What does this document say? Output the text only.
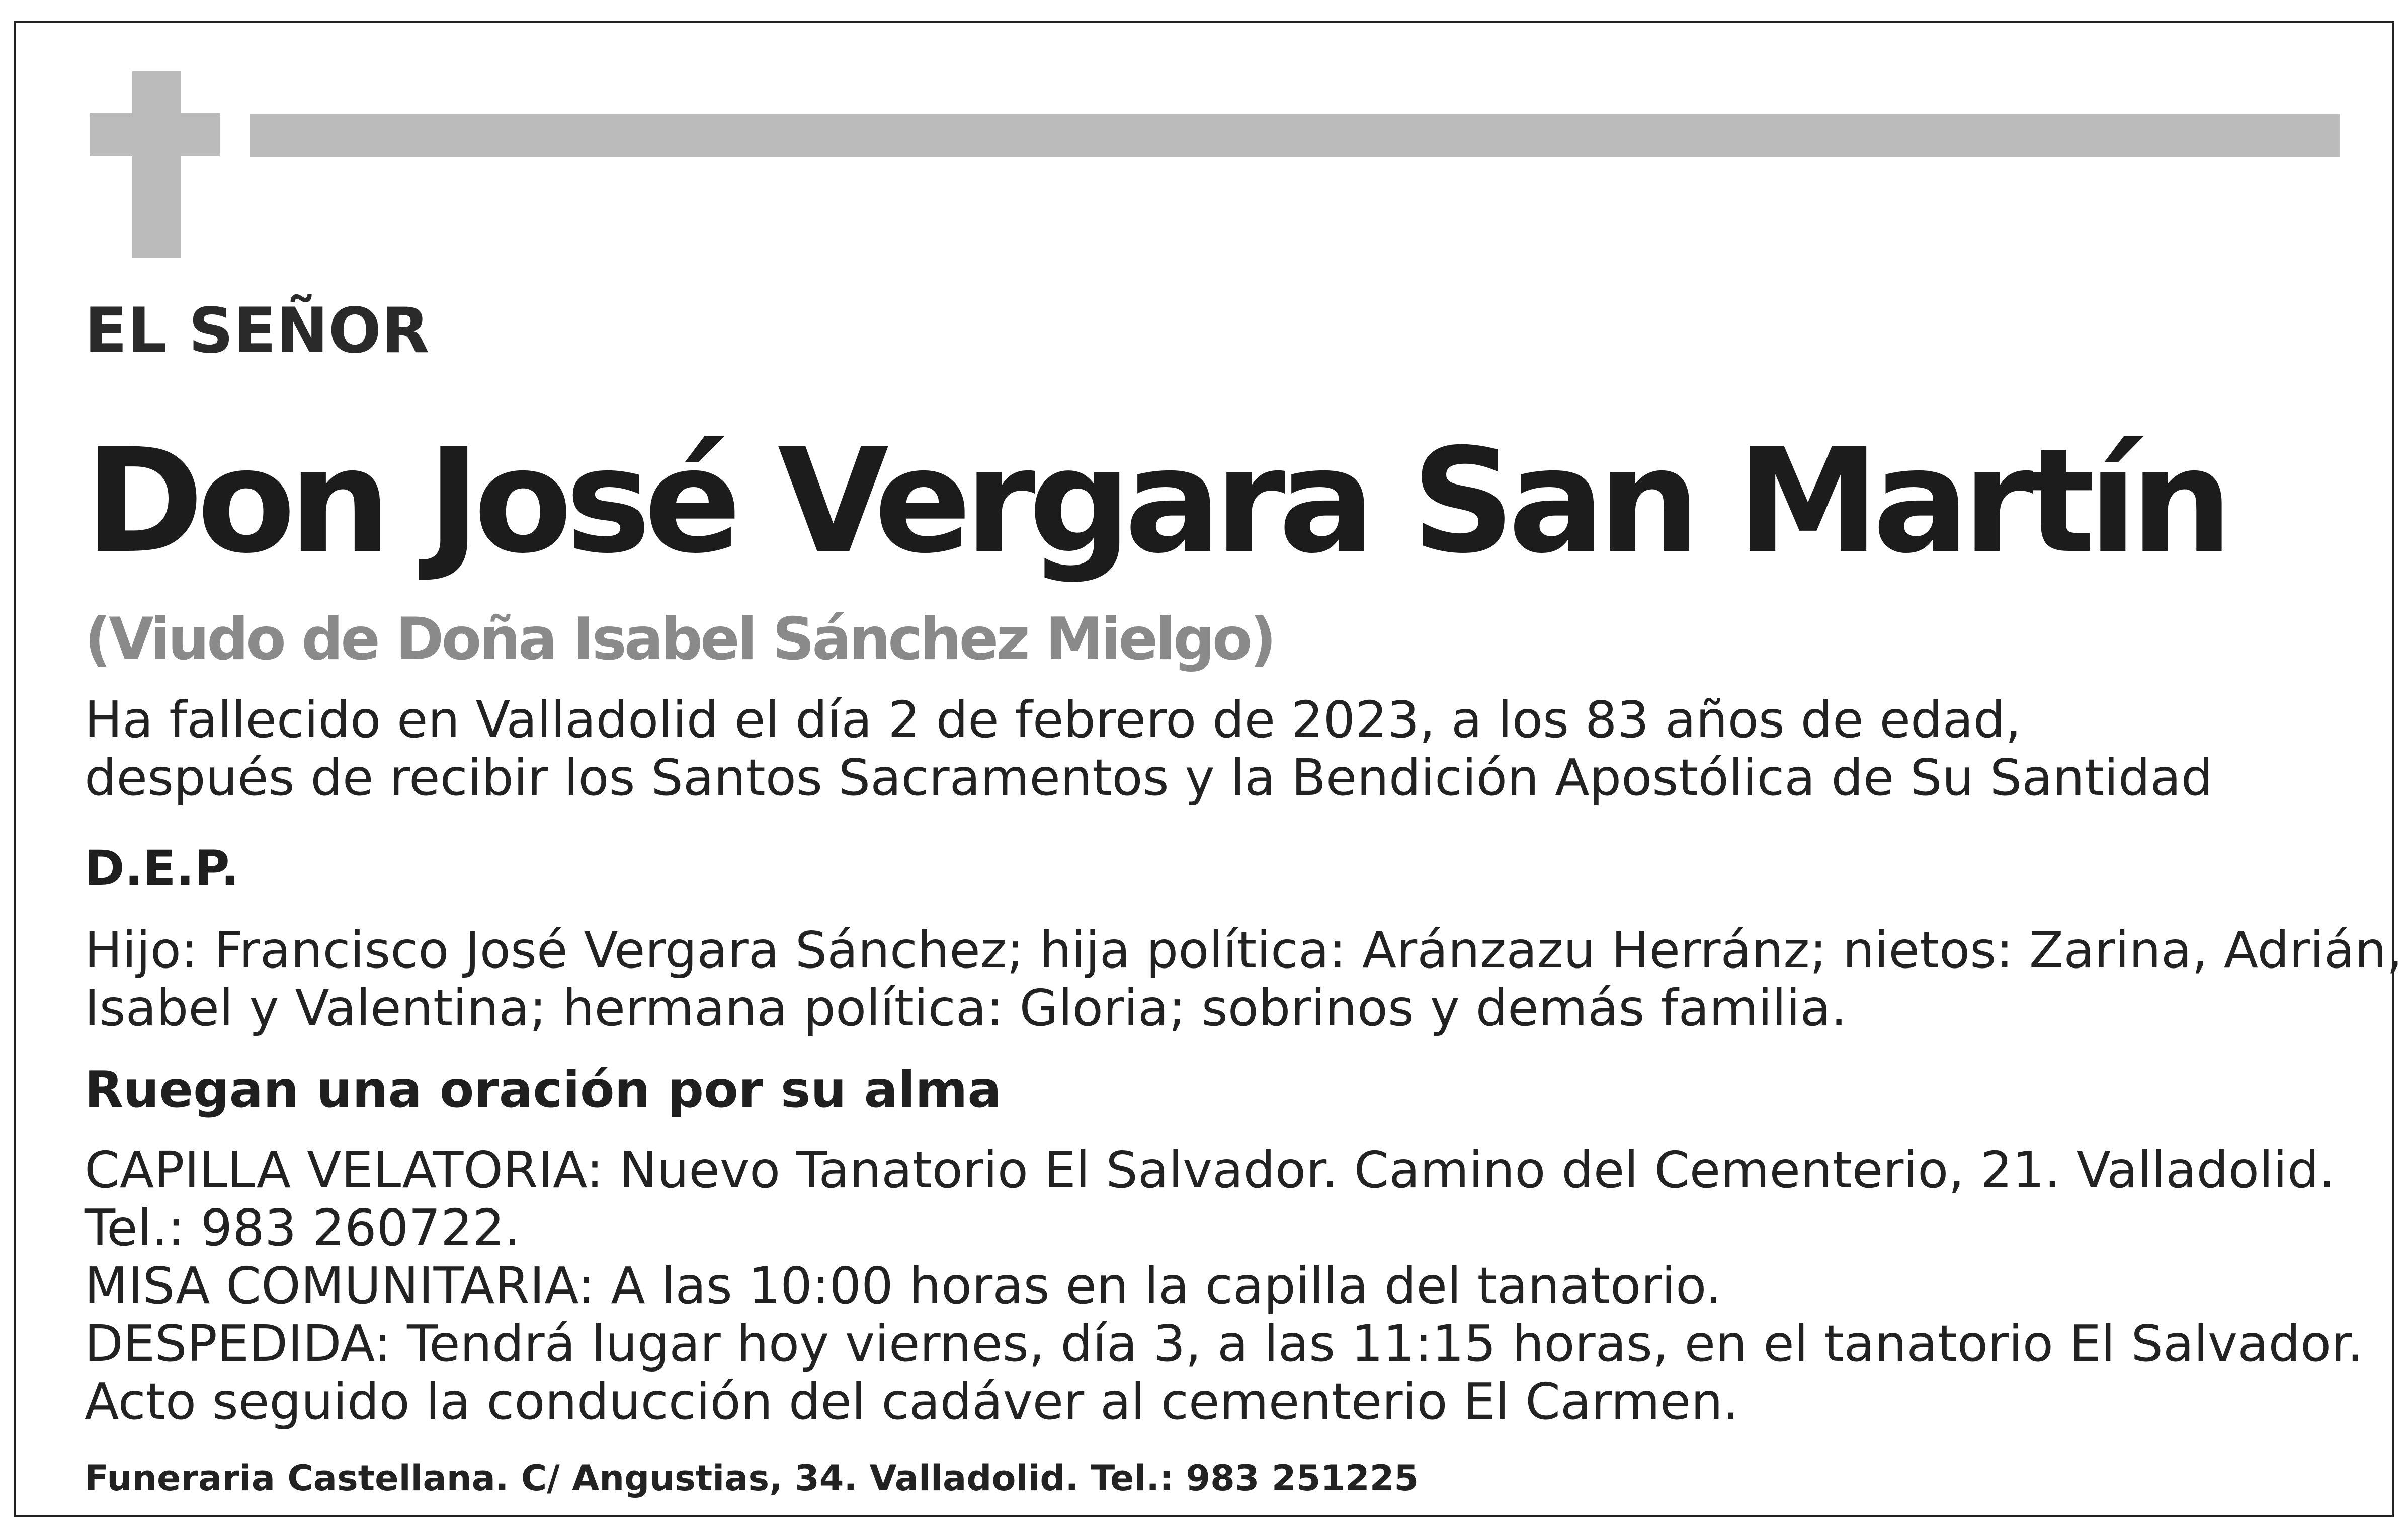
EL SEÑOR

Don José Vergara San Martín

(Viudo de Doña Isabel Sánchez Mielgo)

Ha fallecido en Valladolid el día 2 de febrero de 2023, a los 83 años de edad,
después de recibir los Santos Sacramentos y la Bendición Apostólica de Su Santidad

D.E.P.

Hijo: Francisco José Vergara Sánchez; hija política: Aránzazu Herránz; nietos: Zarina, Adrián,
Isabel y Valentina; hermana política: Gloria; sobrinos y demás familia.

Ruegan una oración por su alma

CAPILLA VELATORIA: Nuevo Tanatorio El Salvador. Camino del Cementerio, 21. Valladolid.
Tel.: 983 260722.
MISA COMUNITARIA: A las 10:00 horas en la capilla del tanatorio.
DESPEDIDA: Tendrá lugar hoy viernes, día 3, a las 11:15 horas, en el tanatorio El Salvador.
Acto seguido la conducción del cadáver al cementerio El Carmen.

Funeraria Castellana. C/ Angustias, 34. Valladolid. Tel.: 983 251225
